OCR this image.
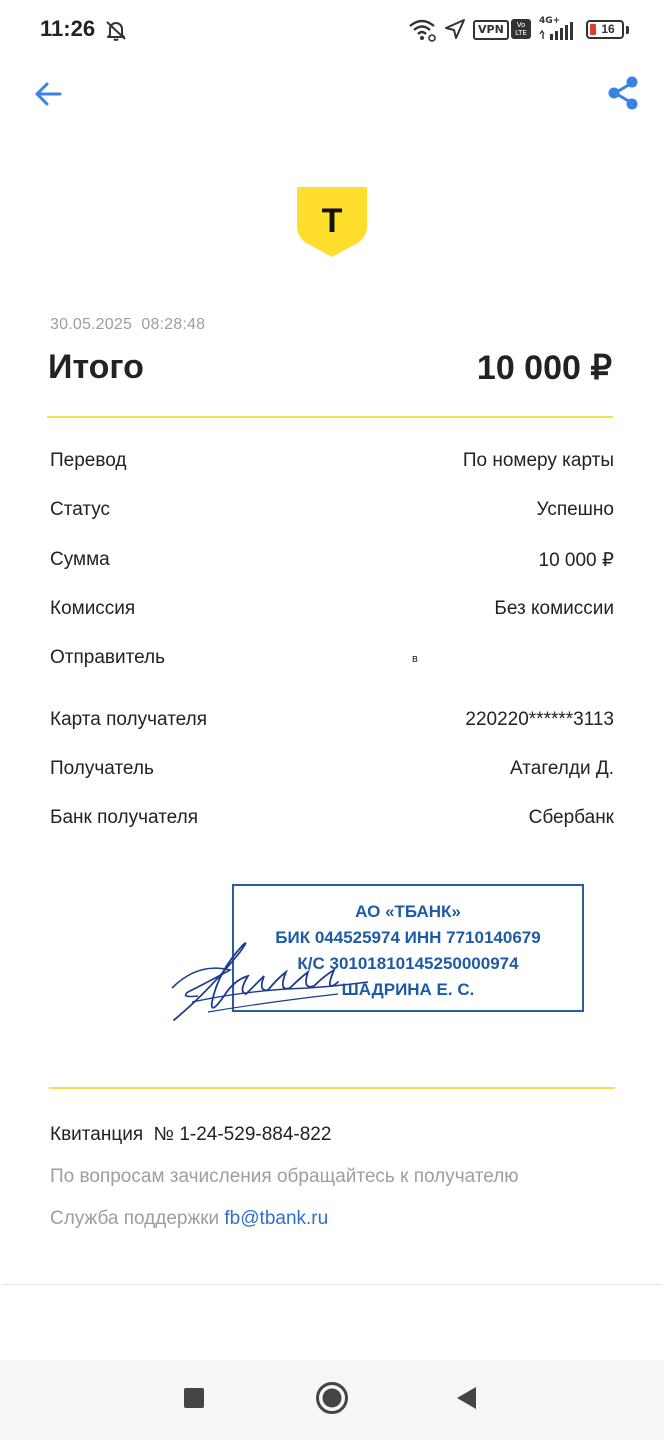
11:26	VPN	Vo LTE
4G+
16
T
30.05.2025  08:28:48
Итого	10 000 ₽
Перевод	По номеру карты
Статус	Успешно
Сумма	10 000 ₽
Комиссия	Без комиссии
Отправитель	ʙ
Карта получателя	220220******3113
Получатель	Атагелди Д.
Банк получателя	Сбербанк
АО «ТБАНК»
БИК 044525974 ИНН 7710140679
К/С 30101810145250000974
ШАДРИНА Е. С.
Квитанция  № 1-24-529-884-822
По вопросам зачисления обращайтесь к получателю
Служба поддержки fb@tbank.ru
